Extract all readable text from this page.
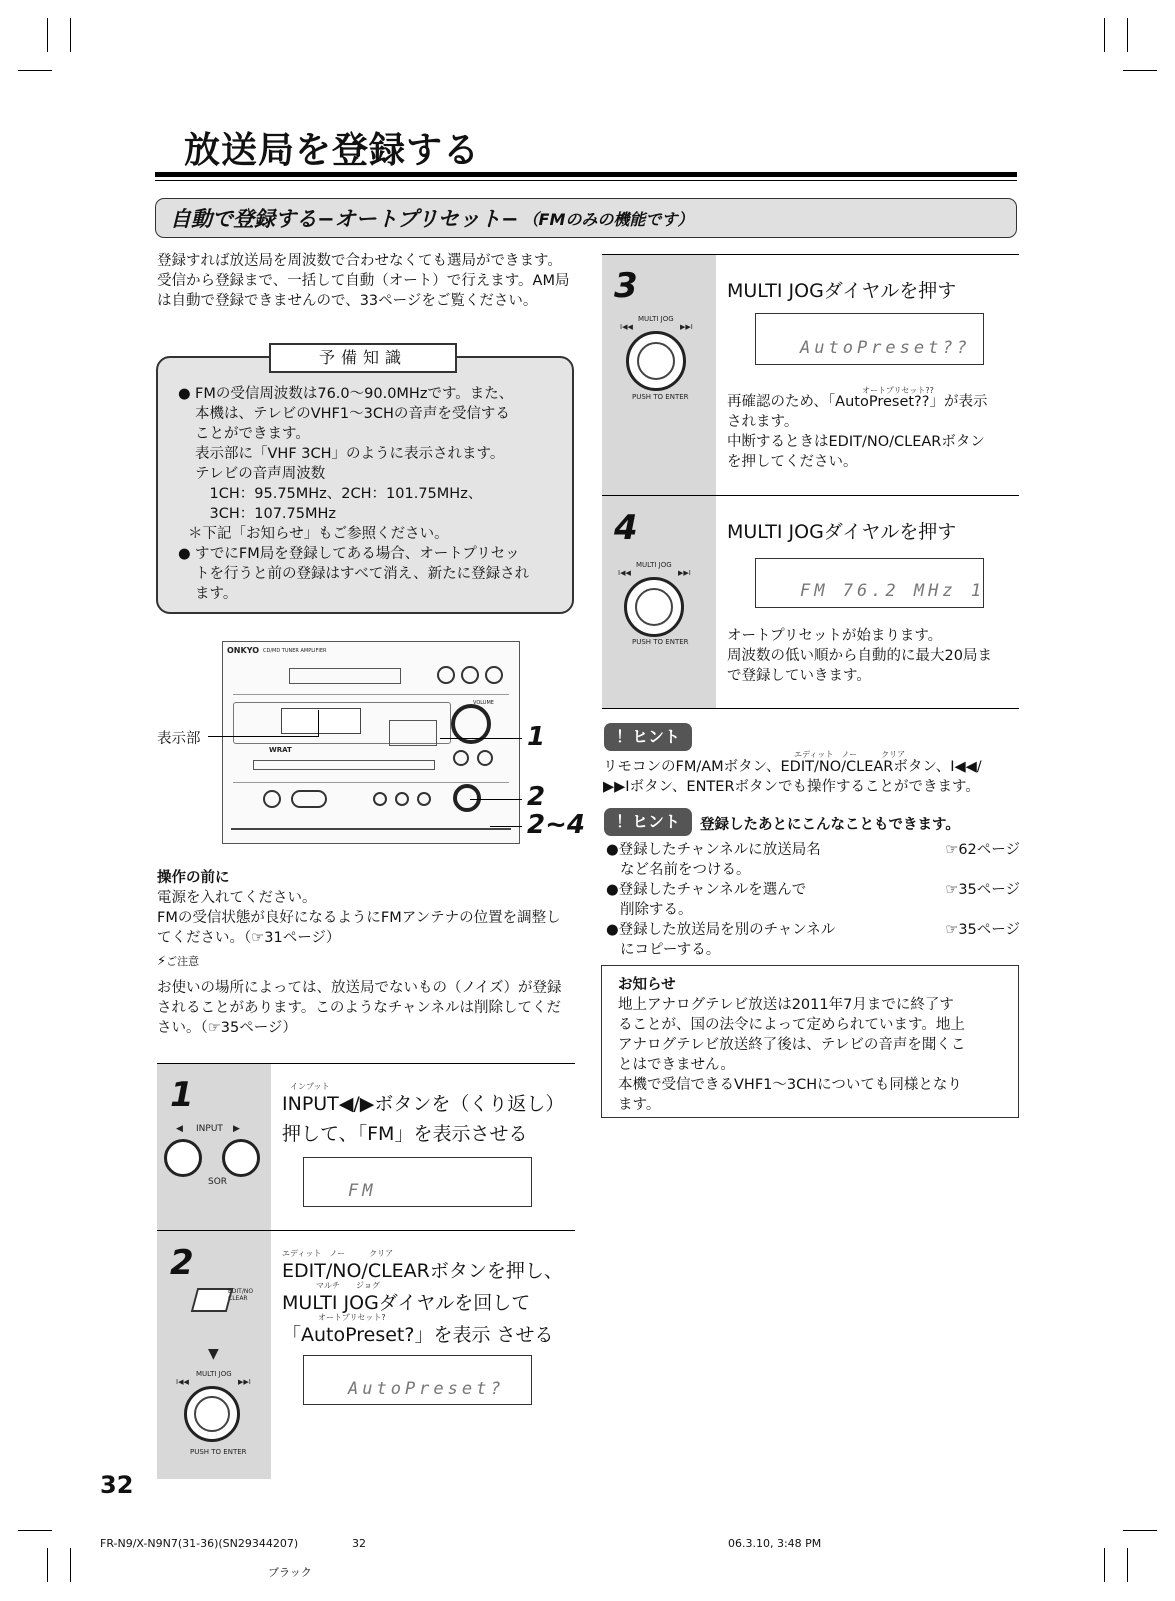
放送局を登録する
自動で登録する−オートプリセット− （FMのみの機能です）
登録すれば放送局を周波数で合わせなくても選局ができます。受信から登録まで、一括して自動（オート）で行えます。AM局は自動で登録できませんので、33ページをご覧ください。
予備知識
● FMの受信周波数は76.0〜90.0MHzです。また、
本機は、テレビのVHF1〜3CHの音声を受信する
ことができます。
表示部に「VHF 3CH」のように表示されます。
テレビの音声周波数
　1CH：95.75MHz、2CH：101.75MHz、
　3CH：107.75MHz
＊下記「お知らせ」もご参照ください。
● すでにFM局を登録してある場合、オートプリセッ
トを行うと前の登録はすべて消え、新たに登録され
ます。
ONKYO CD/MD TUNER AMPLIFIER
VOLUME
WRAT
表示部	1
2
2~4
操作の前に
電源を入れてください。
FMの受信状態が良好になるようにFMアンテナの位置を調整してください。（☞31ページ）
⚡ ご注意
お使いの場所によっては、放送局でないもの（ノイズ）が登録されることがあります。このようなチャンネルは削除してください。（☞35ページ）
1
INPUT
◀	▶
SOR
インプット
INPUT◀/▶ボタンを（くり返し）
押して、「FM」を表示させる
FM
2
EDIT/NO CLEAR
▼
MULTI JOG
I◀◀	▶▶I
PUSH TO ENTER
エディット　ノー　　　クリア
EDIT/NO/CLEARボタンを押し、
マルチ　　ジョグ
MULTI JOGダイヤルを回して
オートプリセット?
「AutoPreset?」を表示 させる
AutoPreset?
3
MULTI JOG
I◀◀	▶▶I
PUSH TO ENTER
MULTI JOGダイヤルを押す
AutoPreset??
オートプリセット??
再確認のため、「AutoPreset??」が表示
されます。
中断するときはEDIT/NO/CLEARボタン
を押してください。
4
MULTI JOG
I◀◀	▶▶I
PUSH TO ENTER
MULTI JOGダイヤルを押す
FM 76.2 MHz 1
オートプリセットが始まります。
周波数の低い順から自動的に最大20局ま
で登録していきます。
！ヒント
エディット　ノー　　　クリア
リモコンのFM/AMボタン、EDIT/NO/CLEARボタン、I◀◀/
▶▶Iボタン、ENTERボタンでも操作することができます。
！ヒント	登録したあとにこんなこともできます。
●登録したチャンネルに放送局名
など名前をつける。
☞62ページ
●登録したチャンネルを選んで
削除する。
☞35ページ
●登録した放送局を別のチャンネル
にコピーする。
☞35ページ
お知らせ
地上アナログテレビ放送は2011年7月までに終了す
ることが、国の法令によって定められています。地上
アナログテレビ放送終了後は、テレビの音声を聞くこ
とはできません。
本機で受信できるVHF1〜3CHについても同様となり
ます。
32
FR-N9/X-N9N7(31-36)(SN29344207)	32	06.3.10, 3:48 PM
ブラック
